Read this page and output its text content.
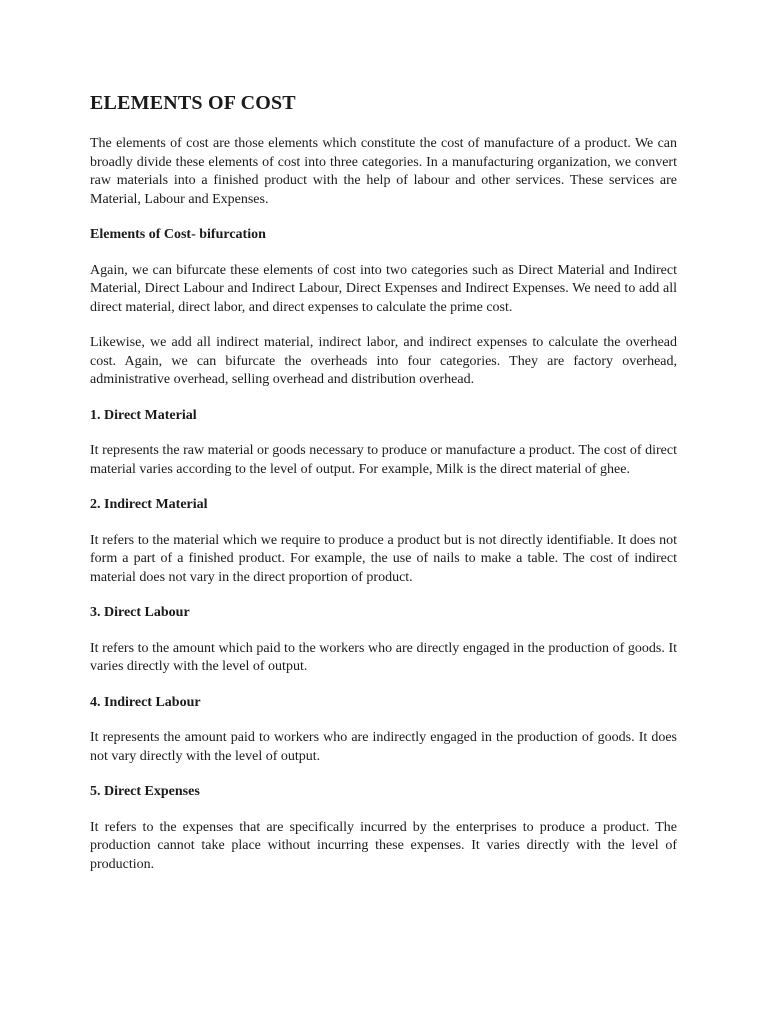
ELEMENTS OF COST

The elements of cost are those elements which constitute the cost of manufacture of a product. We can broadly divide these elements of cost into three categories. In a manufacturing organization, we convert raw materials into a finished product with the help of labour and other services. These services are Material, Labour and Expenses.

Elements of Cost- bifurcation

Again, we can bifurcate these elements of cost into two categories such as Direct Material and Indirect Material, Direct Labour and Indirect Labour, Direct Expenses and Indirect Expenses. We need to add all direct material, direct labor, and direct expenses to calculate the prime cost.

Likewise, we add all indirect material, indirect labor, and indirect expenses to calculate the overhead cost. Again, we can bifurcate the overheads into four categories. They are factory overhead, administrative overhead, selling overhead and distribution overhead.

1. Direct Material

It represents the raw material or goods necessary to produce or manufacture a product. The cost of direct material varies according to the level of output. For example, Milk is the direct material of ghee.

2. Indirect Material

It refers to the material which we require to produce a product but is not directly identifiable. It does not form a part of a finished product. For example, the use of nails to make a table. The cost of indirect material does not vary in the direct proportion of product.

3. Direct Labour

It refers to the amount which paid to the workers who are directly engaged in the production of goods. It varies directly with the level of output.

4. Indirect Labour

It represents the amount paid to workers who are indirectly engaged in the production of goods. It does not vary directly with the level of output.

5. Direct Expenses

It refers to the expenses that are specifically incurred by the enterprises to produce a product. The production cannot take place without incurring these expenses. It varies directly with the level of production.
